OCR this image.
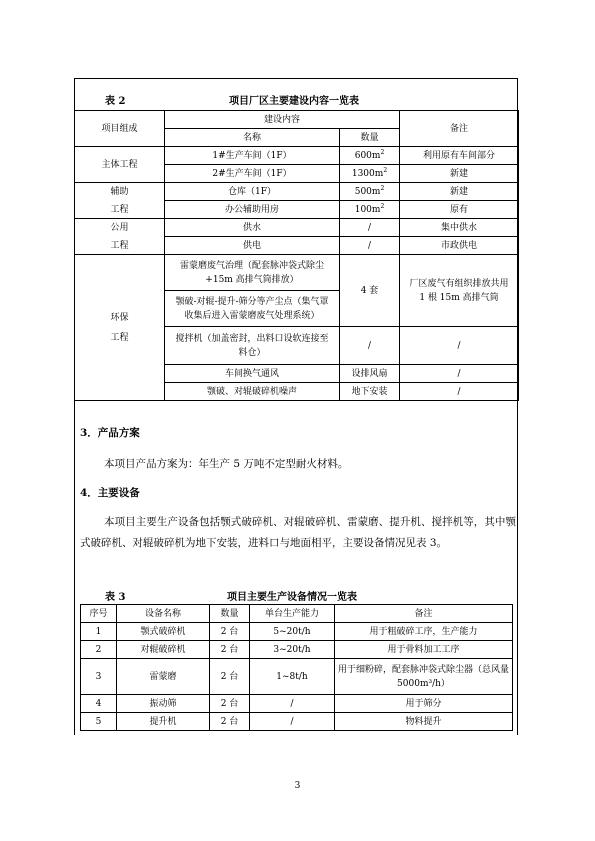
表 2	项目厂区主要建设内容一览表
项目组成	建设内容		备注
	名称	数量	
主体工程	1#生产车间（1F）	$600m^2$	利用原有车间部分
	2#生产车间（1F）	$1300m^2$	新建

辅助
工程	仓库（1F）	$500m^2$	新建
	办公辅助用房	$100m^2$	原有

公用
工程	供水	/	集中供水
	供电	/	市政供电

环保
工程	雷蒙磨废气治理（配套脉冲袋式除尘+15m 高排气筒排放）	4 套	厂区废气有组织排放共用 1 根 15m 高排气筒
	颚破-对辊-提升-筛分等产尘点（集气罩收集后进入雷蒙磨废气处理系统）		
	搅拌机（加盖密封，出料口设软连接至料仓）	/	/
	车间换气通风	设排风扇	/
	颚破、对辊破碎机噪声	地下安装	/
3．产品方案
本项目产品方案为：年生产 5 万吨不定型耐火材料。
4．主要设备
本项目主要生产设备包括颚式破碎机、对辊破碎机、雷蒙磨、提升机、搅拌机等，其中颚式破碎机、对辊破碎机为地下安装，进料口与地面相平，主要设备情况见表 3。
表 3	项目主要生产设备情况一览表
序号	设备名称	数量	单台生产能力	备注
1	颚式破碎机	2 台	5~20t/h	用于粗破碎工序，生产能力
2	对辊破碎机	2 台	3~20t/h	用于骨料加工工序
3	雷蒙磨	2 台	1~8t/h	用于细粉碎，配套脉冲袋式除尘器（总风量 5000m³/h）
4	振动筛	2 台	/	用于筛分
5	提升机	2 台	/	物料提升
3
